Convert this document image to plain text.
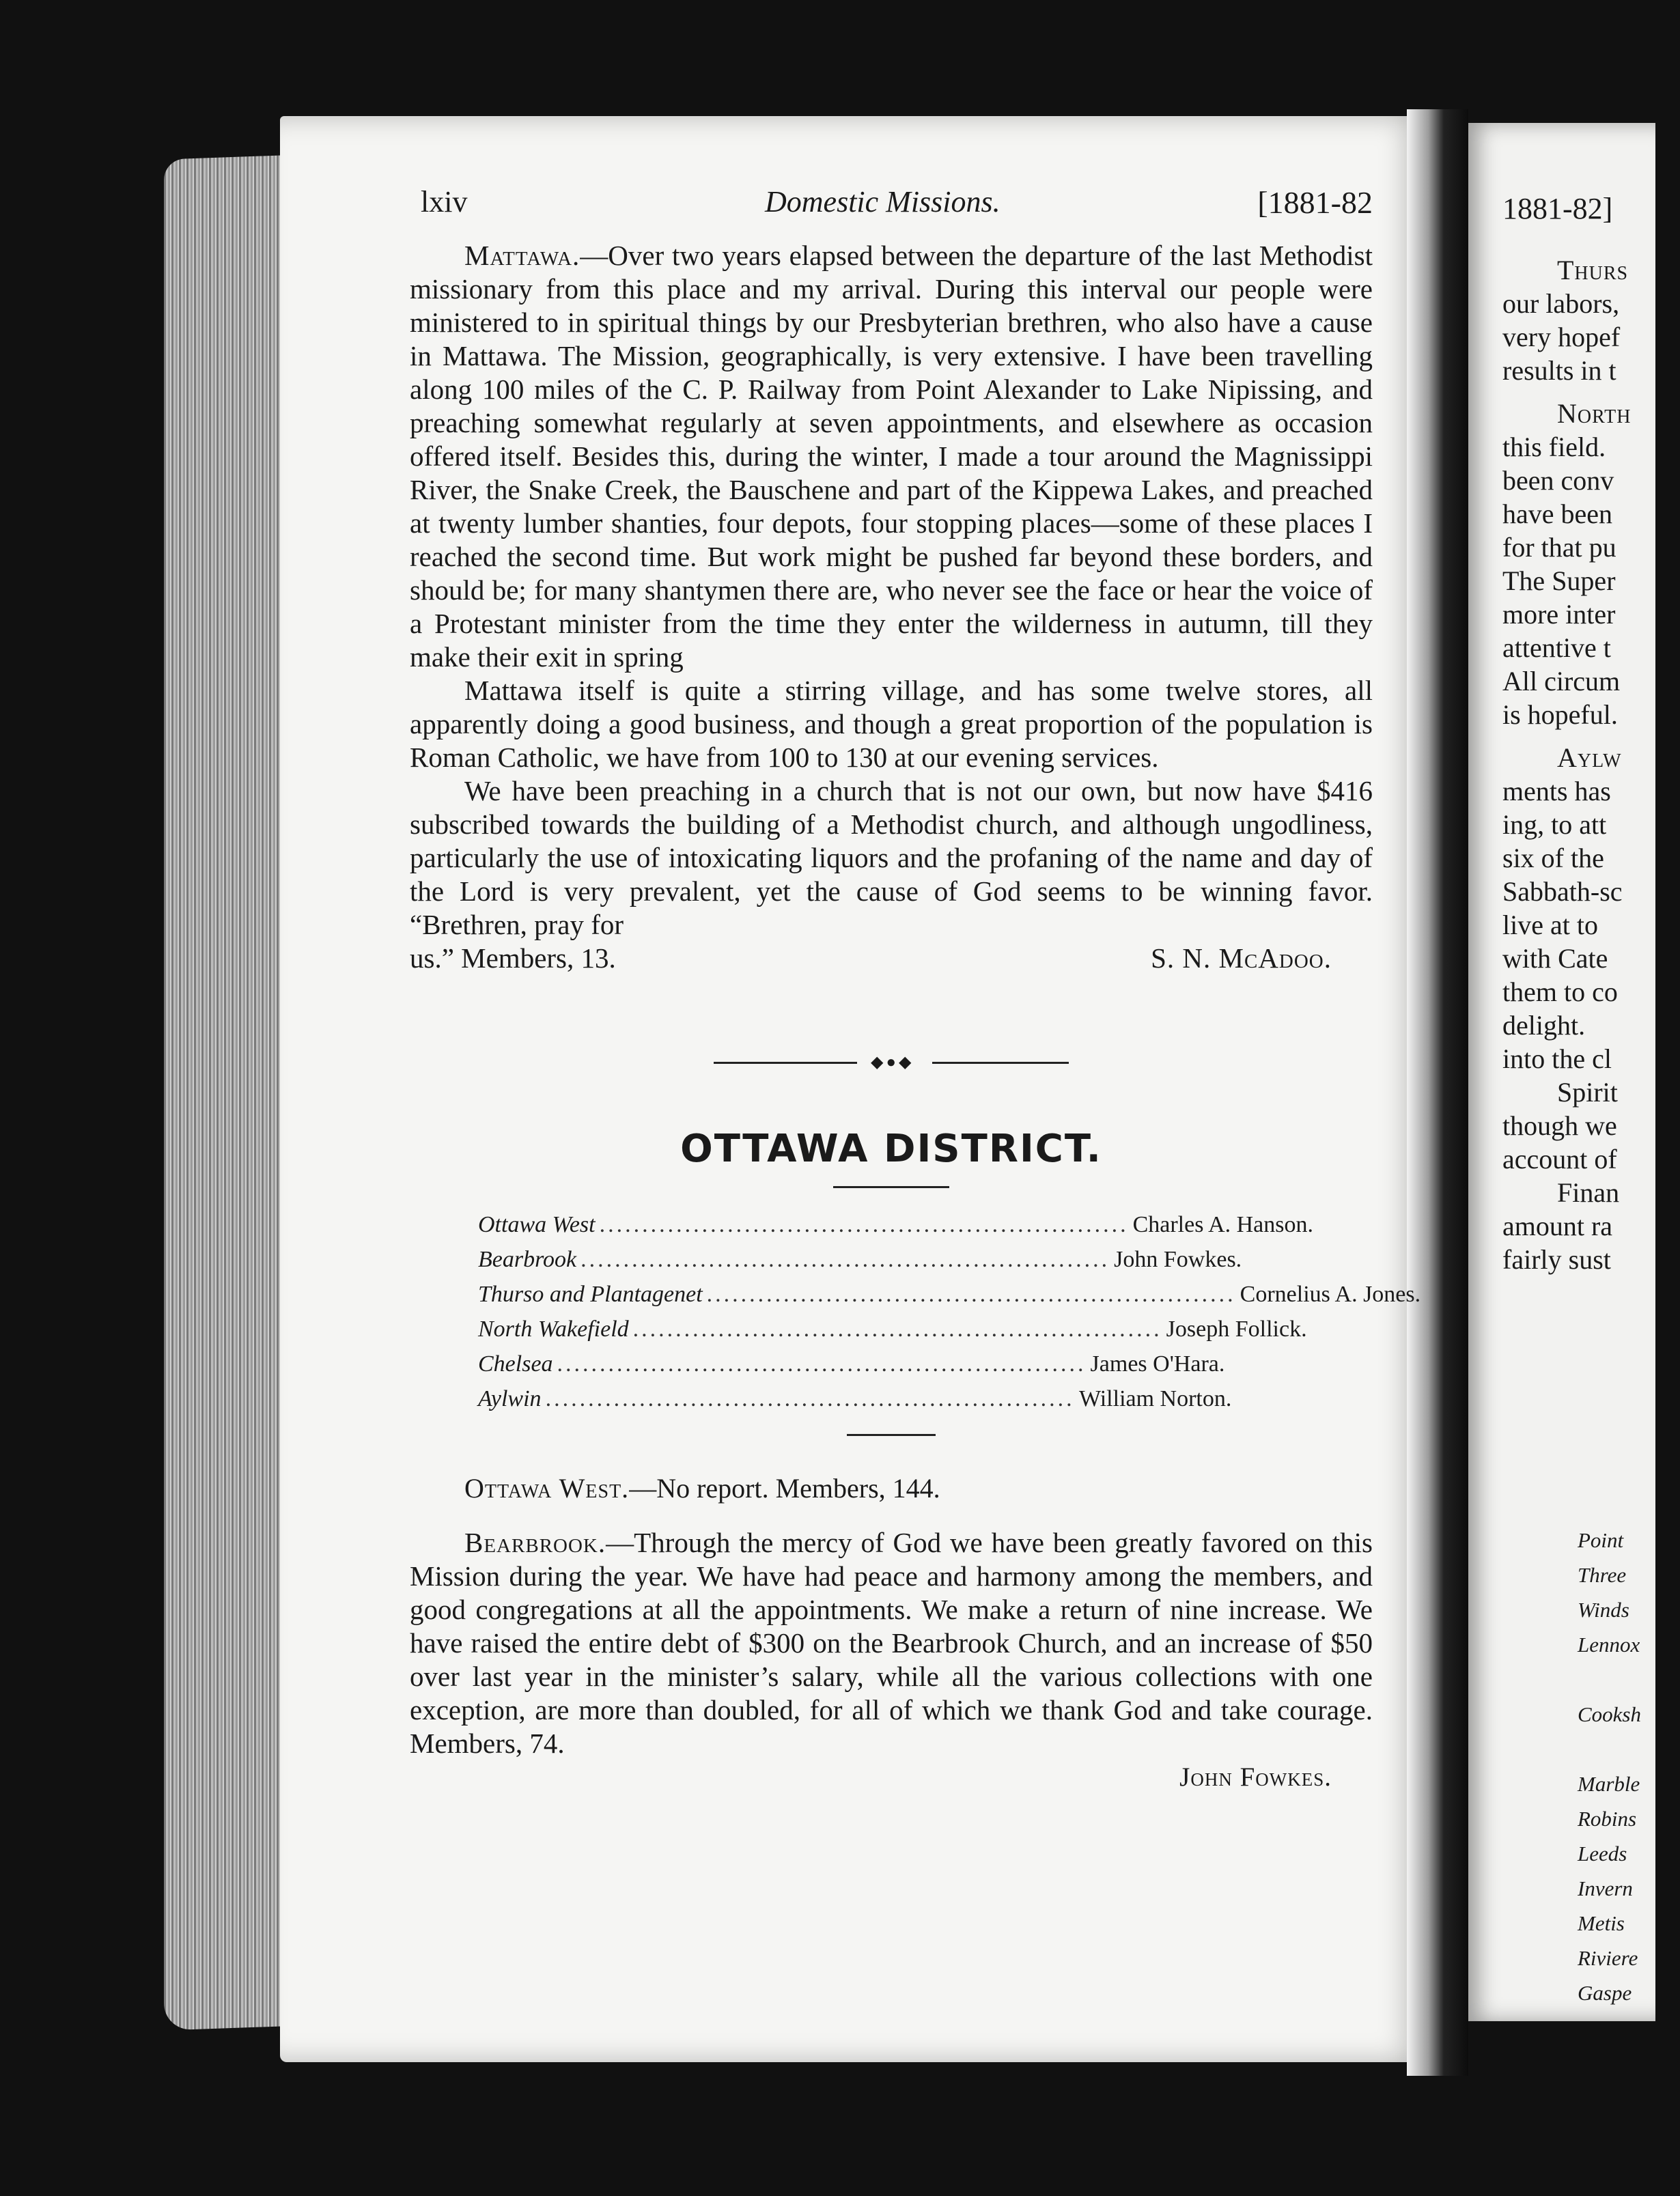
lxiv	Domestic Missions.	[1881-82

Mattawa.—Over two years elapsed between the departure of the last Methodist missionary from this place and my arrival. During this interval our people were ministered to in spiritual things by our Presbyterian brethren, who also have a cause in Mattawa. The Mission, geographically, is very extensive. I have been travelling along 100 miles of the C. P. Railway from Point Alexander to Lake Nipissing, and preaching somewhat regularly at seven appointments, and elsewhere as occasion offered itself. Besides this, during the winter, I made a tour around the Magnissippi River, the Snake Creek, the Bauschene and part of the Kippewa Lakes, and preached at twenty lumber shanties, four depots, four stopping places—some of these places I reached the second time. But work might be pushed far beyond these borders, and should be; for many shantymen there are, who never see the face or hear the voice of a Protestant minister from the time they enter the wilderness in autumn, till they make their exit in spring

Mattawa itself is quite a stirring village, and has some twelve stores, all apparently doing a good business, and though a great proportion of the population is Roman Catholic, we have from 100 to 130 at our evening services.

We have been preaching in a church that is not our own, but now have $416 subscribed towards the building of a Methodist church, and although ungodliness, particularly the use of intoxicating liquors and the profaning of the name and day of the Lord is very prevalent, yet the cause of God seems to be winning favor. “Brethren, pray for

us.” Members, 13.	S. N. McAdoo.
◆●◆
OTTAWA DISTRICT.
Ottawa West .............................................................. Charles A. Hanson.
Bearbrook .............................................................. John Fowkes.
Thurso and Plantagenet .............................................................. Cornelius A. Jones.
North Wakefield .............................................................. Joseph Follick.
Chelsea .............................................................. James O'Hara.
Aylwin .............................................................. William Norton.
Ottawa West.—No report. Members, 144.

Bearbrook.—Through the mercy of God we have been greatly favored on this Mission during the year. We have had peace and harmony among the members, and good congregations at all the appointments. We make a return of nine increase. We have raised the entire debt of $300 on the Bearbrook Church, and an increase of $50 over last year in the minister’s salary, while all the various collections with one exception, are more than doubled, for all of which we thank God and take courage. Members, 74.

John Fowkes.
1881-82]
Thurs
our labors,
very hopef
results in t

North
this field.
been conv
have been
for that pu
The Super
more inter
attentive t
All circum
is hopeful.

Aylw
ments has
ing, to att
six of the
Sabbath-sc
live at to
with Cate
them to co
delight.
into the cl
Spirit
though we
account of
Finan
amount ra
fairly sust
Point
Three
Winds
Lennox

Cooksh

Marble
Robins
Leeds
Invern
Metis
Riviere
Gaspe
